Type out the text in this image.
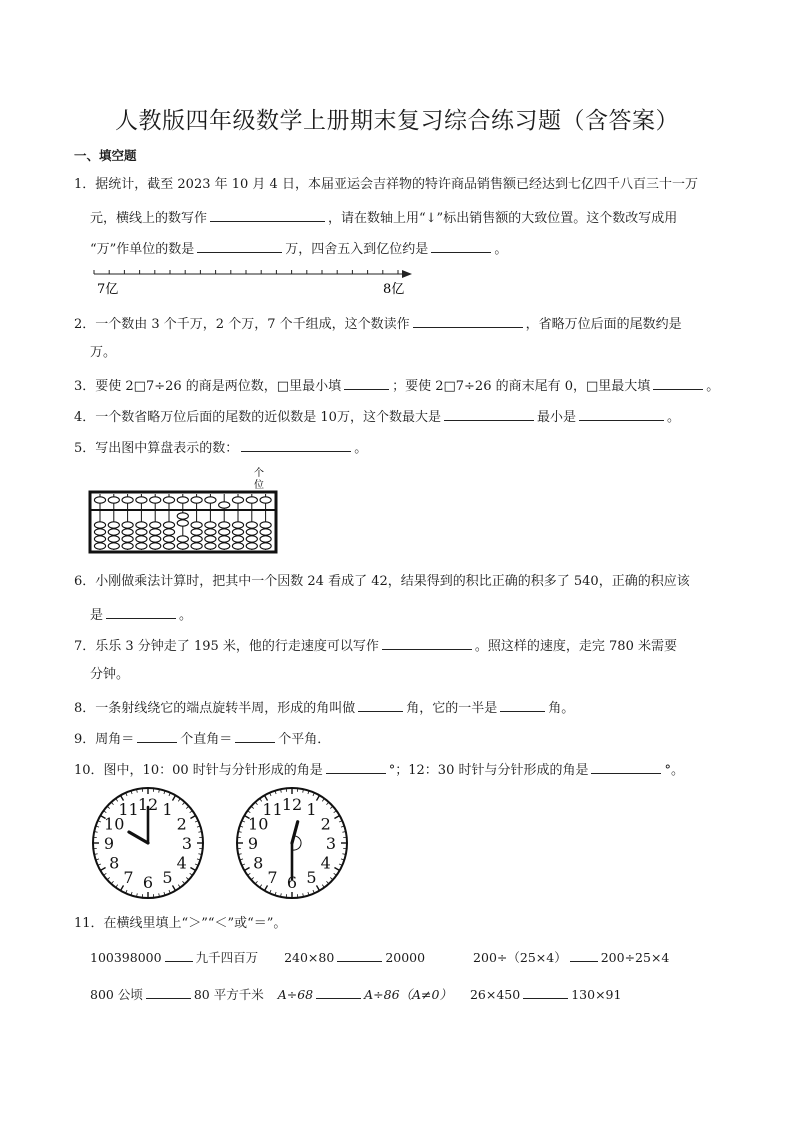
人教版四年级数学上册期末复习综合练习题（含答案）
一、填空题
1．据统计，截至 2023 年 10 月 4 日，本届亚运会吉祥物的特许商品销售额已经达到七亿四千八百三十一万
元，横线上的数写作	，请在数轴上用“↓”标出销售额的大致位置。这个数改写成用
“万”作单位的数是	万，四舍五入到亿位约是	。
7亿	8亿
2．一个数由 3 个千万，2 个万，7 个千组成，这个数读作	，省略万位后面的尾数约是
万。
3．要使 2□7÷26 的商是两位数，□里最小填	；要使 2□7÷26 的商末尾有 0，□里最大填	。
4．一个数省略万位后面的尾数的近似数是 10万，这个数最大是	最小是	。
5．写出图中算盘表示的数：	。
个
位
6．小刚做乘法计算时，把其中一个因数 24 看成了 42，结果得到的积比正确的积多了 540，正确的积应该
是	。
7．乐乐 3 分钟走了 195 米，他的行走速度可以写作	。照这样的速度，走完 780 米需要
分钟。
8．一条射线绕它的端点旋转半周，形成的角叫做	角，它的一半是	角。
9．周角＝	个直角＝	个平角．
10．图中，10：00 时针与分针形成的角是	°；12：30 时针与分针形成的角是	°。
12 1
2
3
4
5
6
7
8
9
10
11	12 1
2
3
4
5
6
7
8
9
10
11
11．在横线里填上“＞”“＜”或“＝”。
100398000	九千四百万 240×80	20000	200÷（25×4）	200÷25×4
800 公顷	80 平方千米 A÷68	A÷86（A≠0） 26×450	130×91
